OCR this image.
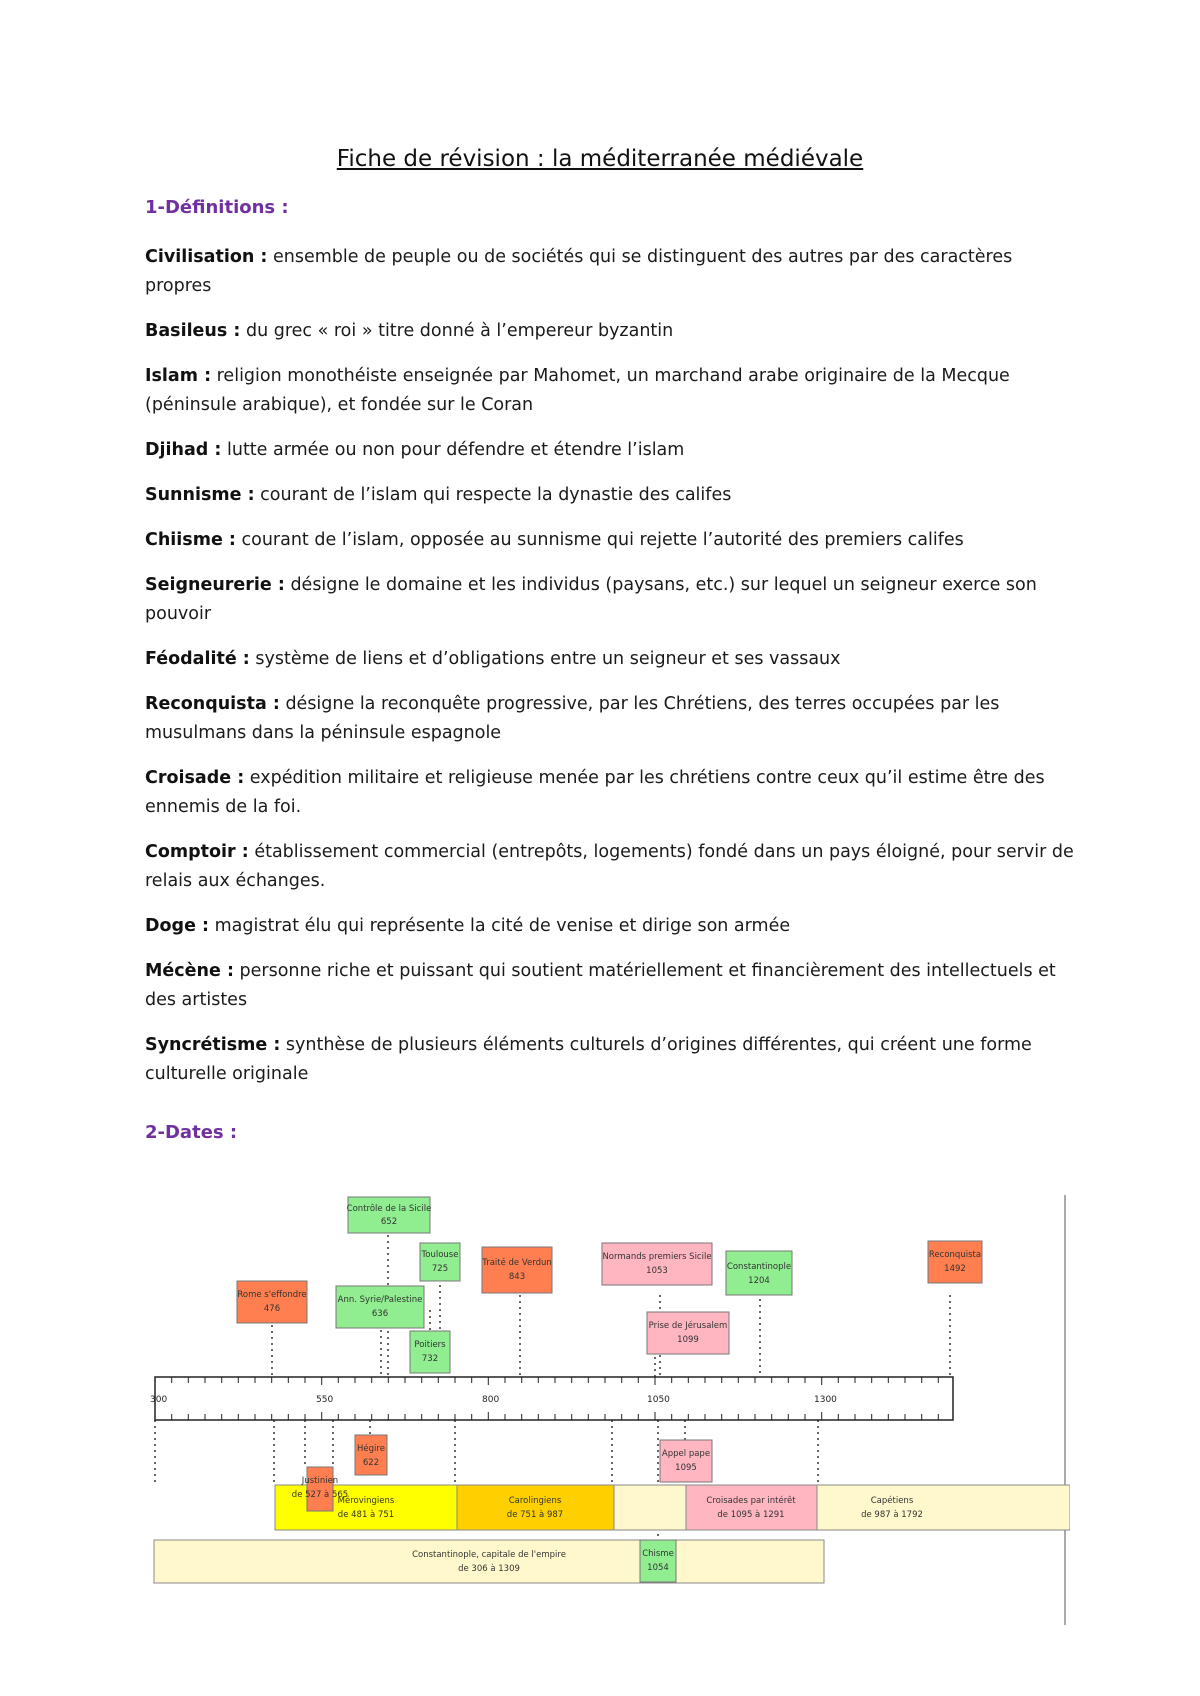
Fiche de révision : la méditerranée médiévale
1-Définitions :

Civilisation : ensemble de peuple ou de sociétés qui se distinguent des autres par des caractères propres

Basileus : du grec « roi » titre donné à l’empereur byzantin

Islam : religion monothéiste enseignée par Mahomet, un marchand arabe originaire de la Mecque (péninsule arabique), et fondée sur le Coran

Djihad : lutte armée ou non pour défendre et étendre l’islam

Sunnisme : courant de l’islam qui respecte la dynastie des califes

Chiisme : courant de l’islam, opposée au sunnisme qui rejette l’autorité des premiers califes

Seigneurerie : désigne le domaine et les individus (paysans, etc.) sur lequel un seigneur exerce son pouvoir

Féodalité : système de liens et d’obligations entre un seigneur et ses vassaux

Reconquista : désigne la reconquête progressive, par les Chrétiens, des terres occupées par les musulmans dans la péninsule espagnole

Croisade : expédition militaire et religieuse menée par les chrétiens contre ceux qu’il estime être des ennemis de la foi.

Comptoir : établissement commercial (entrepôts, logements) fondé dans un pays éloigné, pour servir de relais aux échanges.

Doge : magistrat élu qui représente la cité de venise et dirige son armée

Mécène : personne riche et puissant qui soutient matériellement et financièrement des intellectuels et des artistes

Syncrétisme : synthèse de plusieurs éléments culturels d’origines différentes, qui créent une forme culturelle originale

2-Dates :
300	550	800	1050	1300
Contrôle de la Sicile
652
Toulouse
725
Traité de Verdun
843
Normands premiers Sicile
1053	Constantinople
1204
Reconquista
1492
Rome s'effondre
476
Ann. Syrie/Palestine
636
Prise de Jérusalem
1099
Poitiers
732
Mérovingiens
de 481 à 751
Carolingiens
de 751 à 987
Capétiens
de 987 à 1792
Croisades par intérêt
de 1095 à 1291
Constantinople, capitale de l'empire
de 306 à 1309
Hégire
622
Appel pape
1095
Justinien
de 527 à 565
Chisme
1054
